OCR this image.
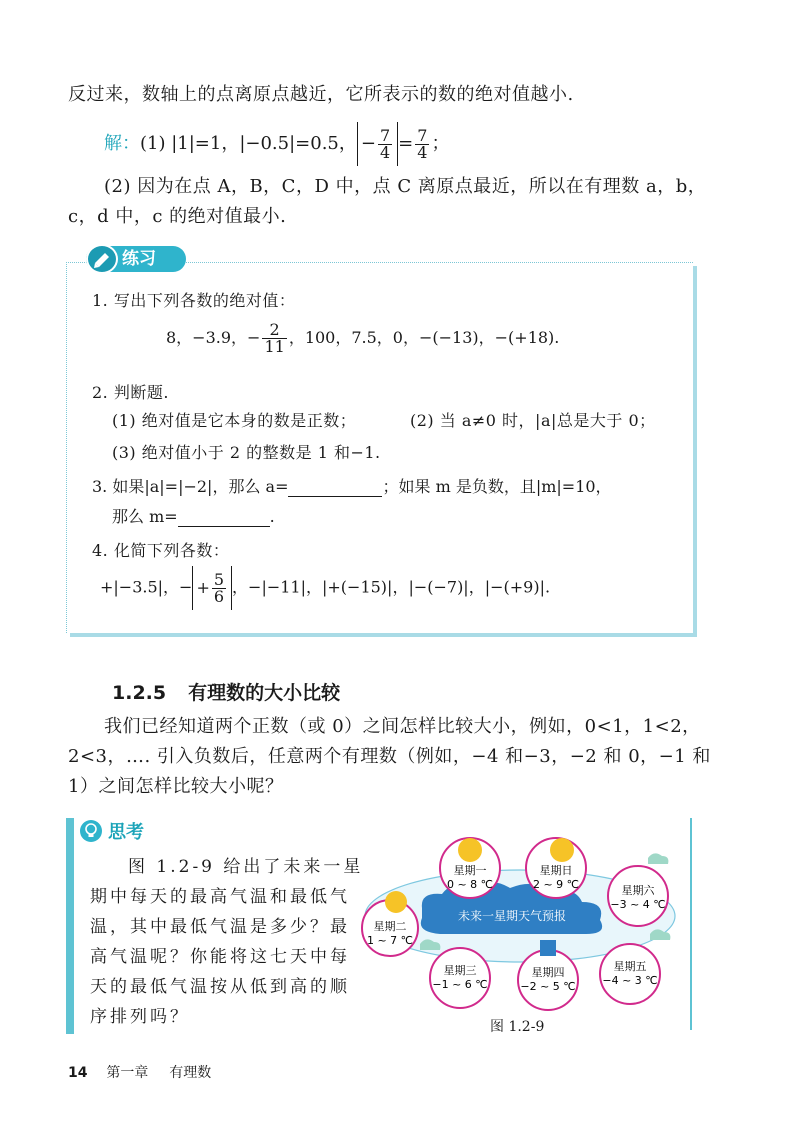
反过来，数轴上的点离原点越近，它所表示的数的绝对值越小.
解：(1) |1|=1，|−0.5|=0.5， − $\frac{7}{4} = \frac{7}{4}$ ；
(2) 因为在点 A，B，C，D 中，点 C 离原点最近，所以在有理数 a，b，
c，d 中，c 的绝对值最小.
练习
1. 写出下列各数的绝对值：
8，−3.9，− $\frac{2}{11}$ ，100，7.5，0，−(−13)，−(+18).
2. 判断题.
(1) 绝对值是它本身的数是正数；	(2) 当 a≠0 时，|a|总是大于 0；
(3) 绝对值小于 2 的整数是 1 和−1.
3. 如果|a|=|−2|，那么 a=	；如果 m 是负数，且|m|=10，
那么 m=	.
4. 化简下列各数：
+|−3.5|，− + $\frac{5}{6}$ ，−|−11|，|+(−15)|，|−(−7)|，|−(+9)|.
1.2.5 有理数的大小比较
我们已经知道两个正数（或 0）之间怎样比较大小，例如，0<1，1<2，
2<3，…. 引入负数后，任意两个有理数（例如，−4 和−3，−2 和 0，−1 和
1）之间怎样比较大小呢？
思考
图 1.2-9 给出了未来一星
期中每天的最高气温和最低气
温，其中最低气温是多少？最
高气温呢？你能将这七天中每
天的最低气温按从低到高的顺
序排列吗？
未来一星期天气预报
星期一
0 ~ 8 ℃
星期日
2 ~ 9 ℃	星期六
−3 ~ 4 ℃
星期二
1 ~ 7 ℃
星期三
−1 ~ 6 ℃
星期四
−2 ~ 5 ℃
星期五
−4 ~ 3 ℃
图 1.2-9
14 第一章 有理数
